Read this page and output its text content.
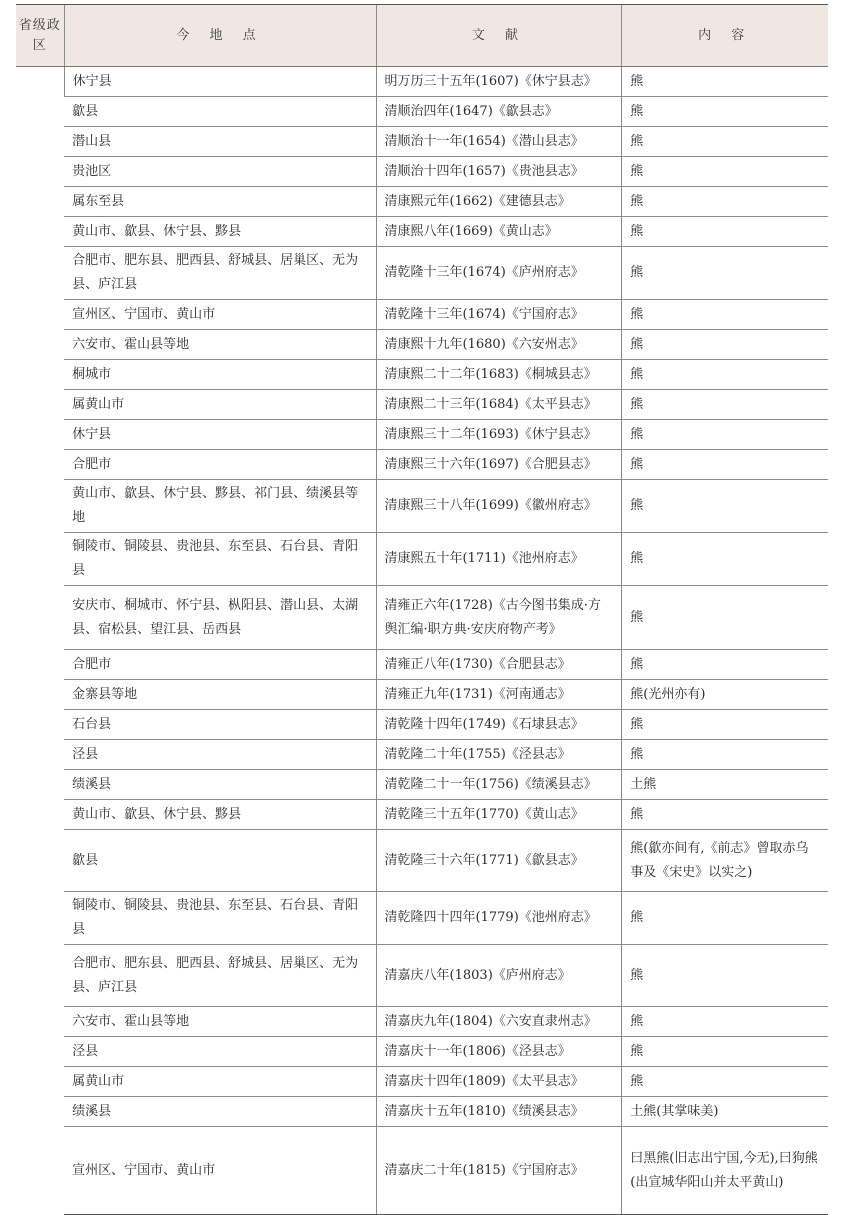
省级政区	今 地 点	文 献	内 容
	休宁县	明万历三十五年(1607)《休宁县志》	熊
	歙县	清顺治四年(1647)《歙县志》	熊
	潜山县	清顺治十一年(1654)《潜山县志》	熊
	贵池区	清顺治十四年(1657)《贵池县志》	熊
	属东至县	清康熙元年(1662)《建德县志》	熊
	黄山市、歙县、休宁县、黟县	清康熙八年(1669)《黄山志》	熊
	合肥市、肥东县、肥西县、舒城县、居巢区、无为县、庐江县	清乾隆十三年(1674)《庐州府志》	熊
	宣州区、宁国市、黄山市	清乾隆十三年(1674)《宁国府志》	熊
	六安市、霍山县等地	清康熙十九年(1680)《六安州志》	熊
	桐城市	清康熙二十二年(1683)《桐城县志》	熊
	属黄山市	清康熙二十三年(1684)《太平县志》	熊
	休宁县	清康熙三十二年(1693)《休宁县志》	熊
	合肥市	清康熙三十六年(1697)《合肥县志》	熊
	黄山市、歙县、休宁县、黟县、祁门县、绩溪县等地	清康熙三十八年(1699)《徽州府志》	熊
	铜陵市、铜陵县、贵池县、东至县、石台县、青阳县	清康熙五十年(1711)《池州府志》	熊
	安庆市、桐城市、怀宁县、枞阳县、潜山县、太湖县、宿松县、望江县、岳西县	清雍正六年(1728)《古今图书集成·方舆汇编·职方典·安庆府物产考》	熊
	合肥市	清雍正八年(1730)《合肥县志》	熊
	金寨县等地	清雍正九年(1731)《河南通志》	熊(光州亦有)
	石台县	清乾隆十四年(1749)《石埭县志》	熊
	泾县	清乾隆二十年(1755)《泾县志》	熊
	绩溪县	清乾隆二十一年(1756)《绩溪县志》	土熊
	黄山市、歙县、休宁县、黟县	清乾隆三十五年(1770)《黄山志》	熊
	歙县	清乾隆三十六年(1771)《歙县志》	熊(歙亦间有,《前志》曾取赤乌事及《宋史》以实之)
	铜陵市、铜陵县、贵池县、东至县、石台县、青阳县	清乾隆四十四年(1779)《池州府志》	熊
	合肥市、肥东县、肥西县、舒城县、居巢区、无为县、庐江县	清嘉庆八年(1803)《庐州府志》	熊
	六安市、霍山县等地	清嘉庆九年(1804)《六安直隶州志》	熊
	泾县	清嘉庆十一年(1806)《泾县志》	熊
	属黄山市	清嘉庆十四年(1809)《太平县志》	熊
	绩溪县	清嘉庆十五年(1810)《绩溪县志》	土熊(其掌味美)
	宣州区、宁国市、黄山市	清嘉庆二十年(1815)《宁国府志》	曰黑熊(旧志出宁国,今无),曰狗熊(出宣城华阳山并太平黄山)
